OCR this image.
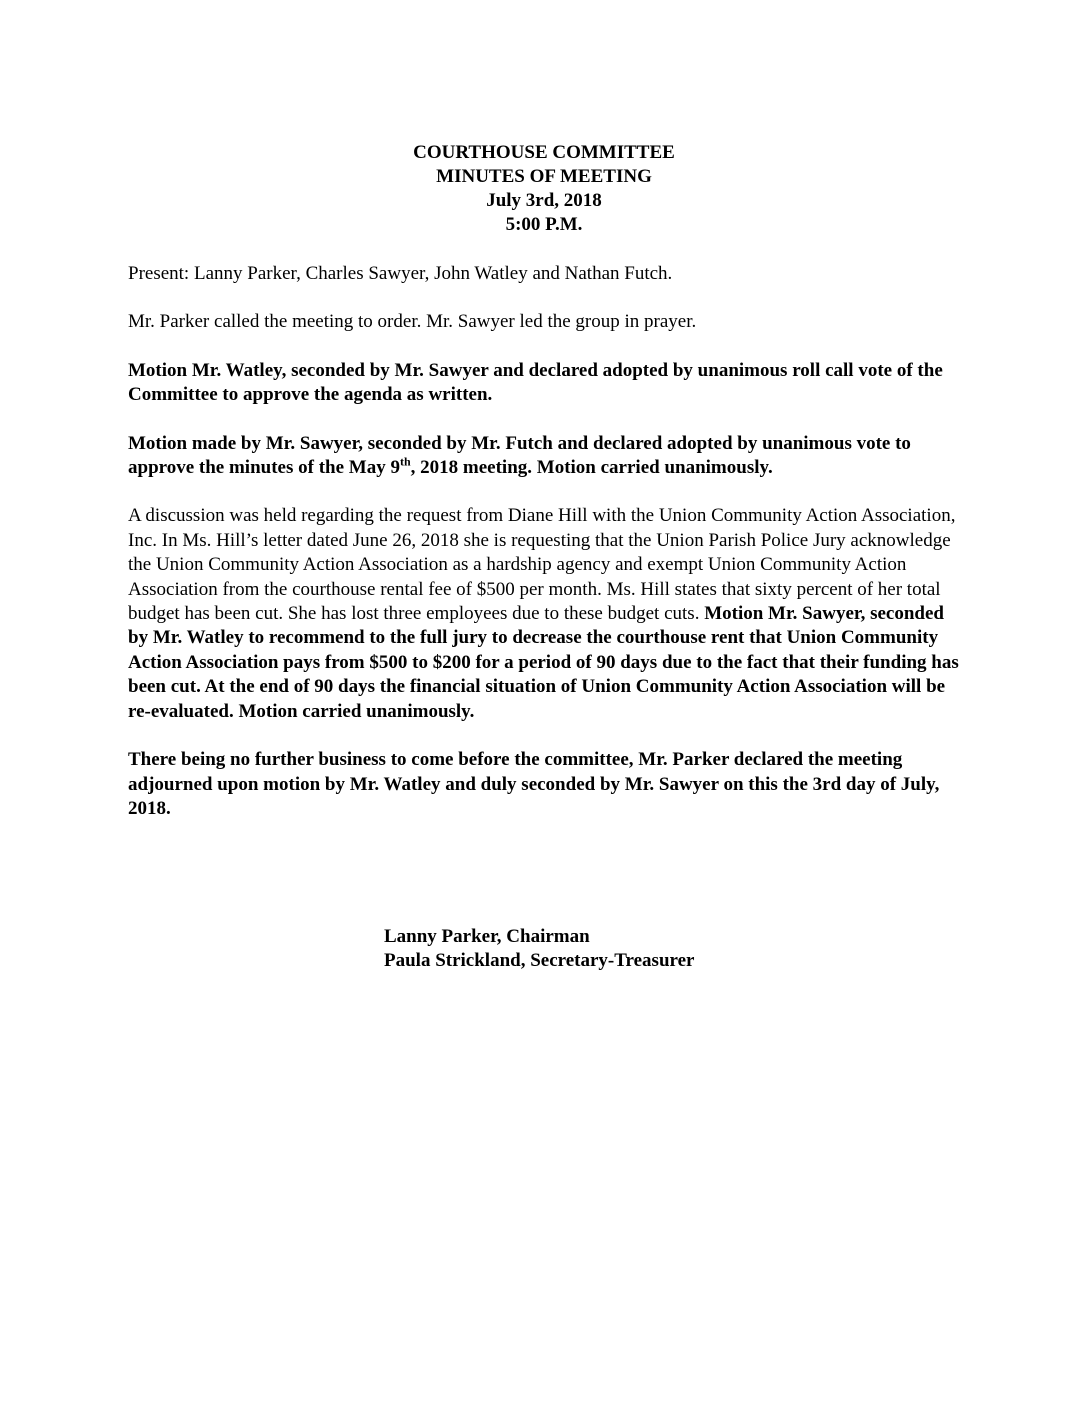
COURTHOUSE COMMITTEE
MINUTES OF MEETING
July 3rd, 2018
5:00 P.M.

Present: Lanny Parker, Charles Sawyer, John Watley and Nathan Futch.

Mr. Parker called the meeting to order. Mr. Sawyer led the group in prayer.

Motion Mr. Watley, seconded by Mr. Sawyer and declared adopted by unanimous roll call vote of the Committee to approve the agenda as written.

Motion made by Mr. Sawyer, seconded by Mr. Futch and declared adopted by unanimous vote to approve the minutes of the May 9th, 2018 meeting. Motion carried unanimously.

A discussion was held regarding the request from Diane Hill with the Union Community Action Association, Inc. In Ms. Hill’s letter dated June 26, 2018 she is requesting that the Union Parish Police Jury acknowledge the Union Community Action Association as a hardship agency and exempt Union Community Action Association from the courthouse rental fee of $500 per month. Ms. Hill states that sixty percent of her total budget has been cut. She has lost three employees due to these budget cuts. Motion Mr. Sawyer, seconded by Mr. Watley to recommend to the full jury to decrease the courthouse rent that Union Community Action Association pays from $500 to $200 for a period of 90 days due to the fact that their funding has been cut. At the end of 90 days the financial situation of Union Community Action Association will be re-evaluated. Motion carried unanimously.

There being no further business to come before the committee, Mr. Parker declared the meeting adjourned upon motion by Mr. Watley and duly seconded by Mr. Sawyer on this the 3rd day of July, 2018.

Lanny Parker, Chairman
Paula Strickland, Secretary-Treasurer
